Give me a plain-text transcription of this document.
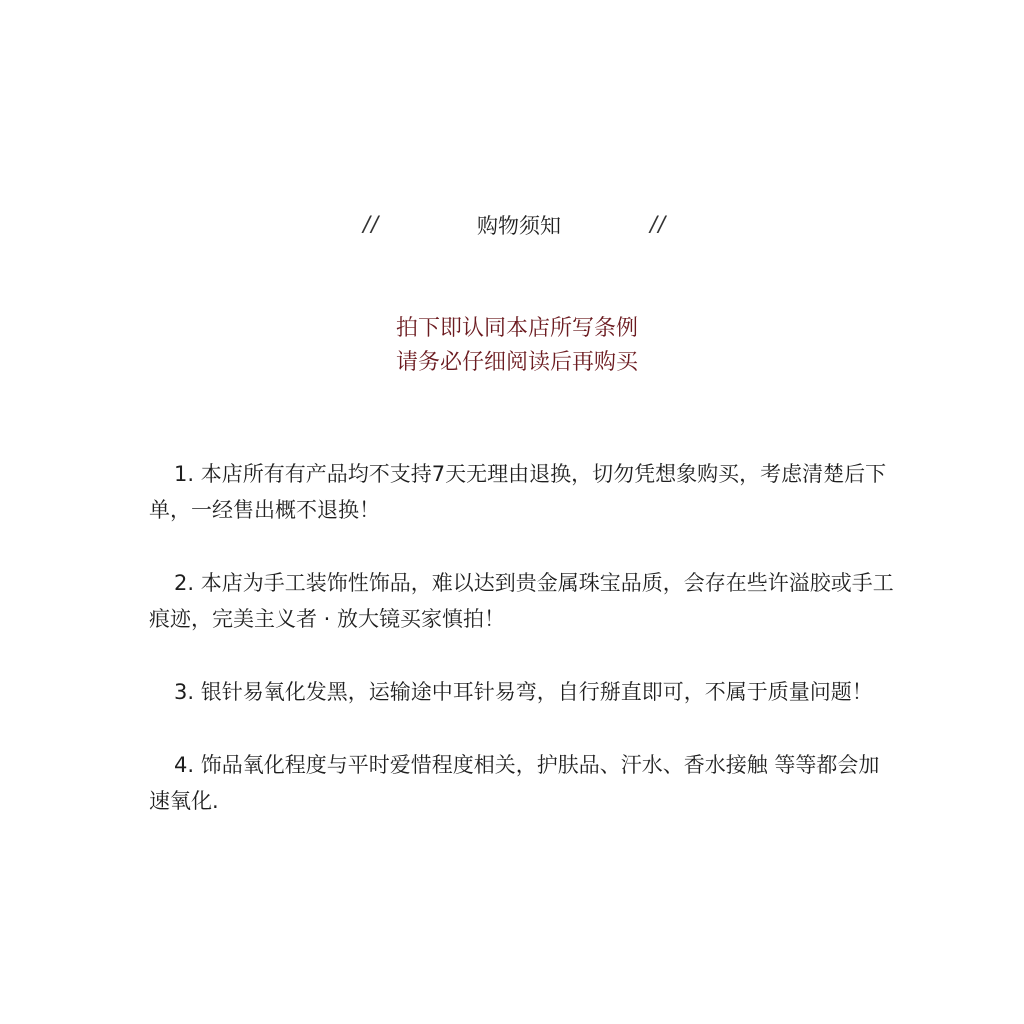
//	购物须知	//
拍下即认同本店所写条例
请务必仔细阅读后再购买

1. 本店所有有产品均不支持7天无理由退换，切勿凭想象购买，考虑清楚后下单，一经售出概不退换！

2. 本店为手工装饰性饰品，难以达到贵金属珠宝品质，会存在些许溢胶或手工痕迹，完美主义者 · 放大镜买家慎拍！

3. 银针易氧化发黑，运输途中耳针易弯，自行掰直即可，不属于质量问题！

4. 饰品氧化程度与平时爱惜程度相关，护肤品、汗水、香水接触 等等都会加速氧化.
